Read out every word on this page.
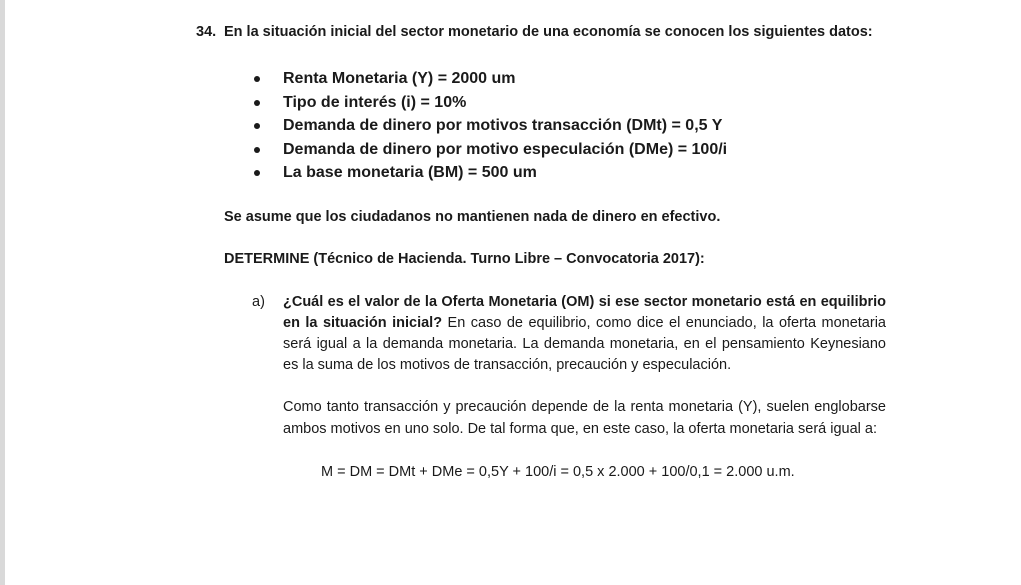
34. En la situación inicial del sector monetario de una economía se conocen los siguientes datos:
Renta Monetaria (Y) = 2000 um
Tipo de interés (i) = 10%
Demanda de dinero por motivos transacción (DMt) = 0,5 Y
Demanda de dinero por motivo especulación (DMe) = 100/i
La base monetaria (BM) = 500 um

Se asume que los ciudadanos no mantienen nada de dinero en efectivo.

DETERMINE (Técnico de Hacienda. Turno Libre – Convocatoria 2017):

a) ¿Cuál es el valor de la Oferta Monetaria (OM) si ese sector monetario está en equilibrio en la situación inicial? En caso de equilibrio, como dice el enunciado, la oferta monetaria será igual a la demanda monetaria. La demanda monetaria, en el pensamiento Keynesiano es la suma de los motivos de transacción, precaución y especulación.

Como tanto transacción y precaución depende de la renta monetaria (Y), suelen englobarse ambos motivos en uno solo. De tal forma que, en este caso, la oferta monetaria será igual a:

M = DM = DMt + DMe = 0,5Y + 100/i = 0,5 x 2.000 + 100/0,1 = 2.000 u.m.
